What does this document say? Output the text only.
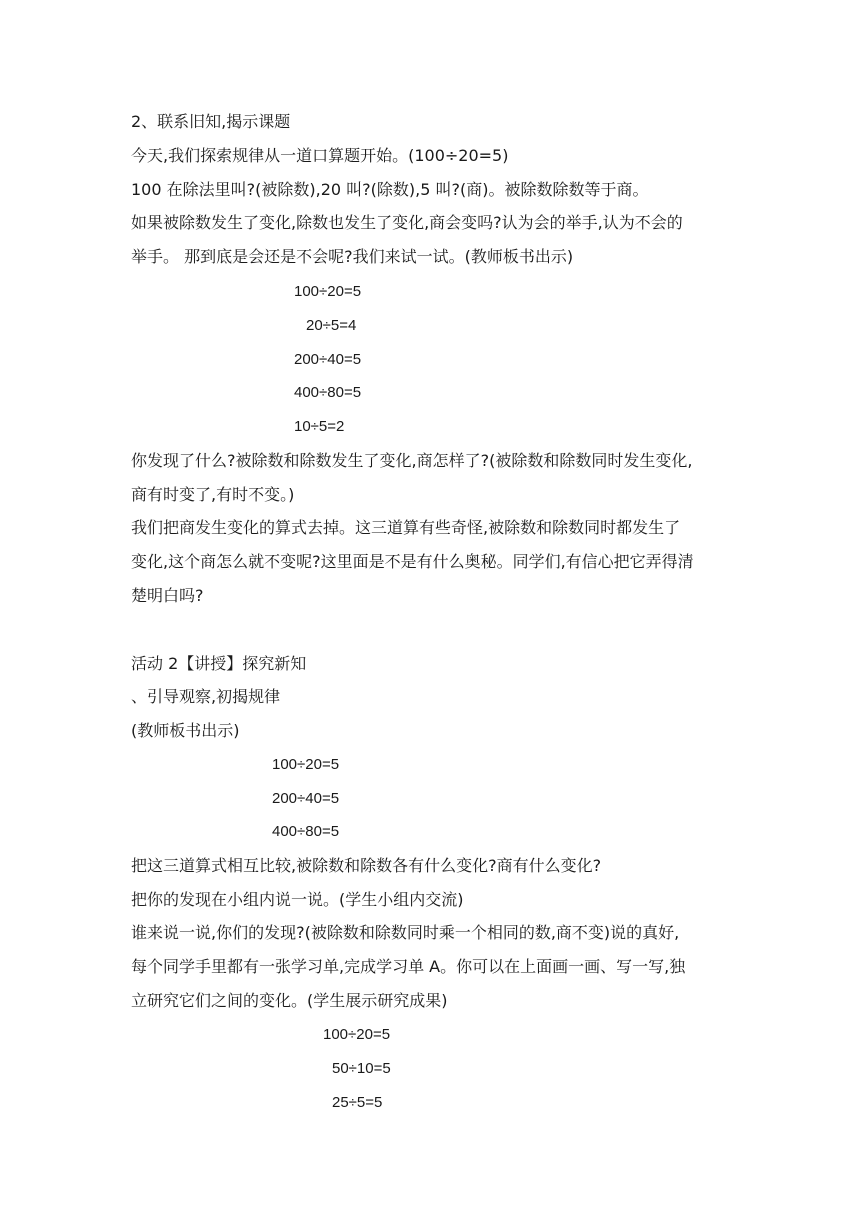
2、联系旧知,揭示课题
今天,我们探索规律从一道口算题开始。(100÷20=5)
100 在除法里叫?(被除数),20 叫?(除数),5 叫?(商)。被除数除数等于商。
如果被除数发生了变化,除数也发生了变化,商会变吗?认为会的举手,认为不会的
举手。 那到底是会还是不会呢?我们来试一试。(教师板书出示)
100÷20=5
20÷5=4
200÷40=5
400÷80=5
10÷5=2
你发现了什么?被除数和除数发生了变化,商怎样了?(被除数和除数同时发生变化,
商有时变了,有时不变。)
我们把商发生变化的算式去掉。这三道算有些奇怪,被除数和除数同时都发生了
变化,这个商怎么就不变呢?这里面是不是有什么奥秘。同学们,有信心把它弄得清
楚明白吗?
活动 2【讲授】探究新知
、引导观察,初揭规律
(教师板书出示)
100÷20=5
200÷40=5
400÷80=5
把这三道算式相互比较,被除数和除数各有什么变化?商有什么变化?
把你的发现在小组内说一说。(学生小组内交流)
谁来说一说,你们的发现?(被除数和除数同时乘一个相同的数,商不变)说的真好,
每个同学手里都有一张学习单,完成学习单 A。你可以在上面画一画、写一写,独
立研究它们之间的变化。(学生展示研究成果)
100÷20=5
50÷10=5
25÷5=5
